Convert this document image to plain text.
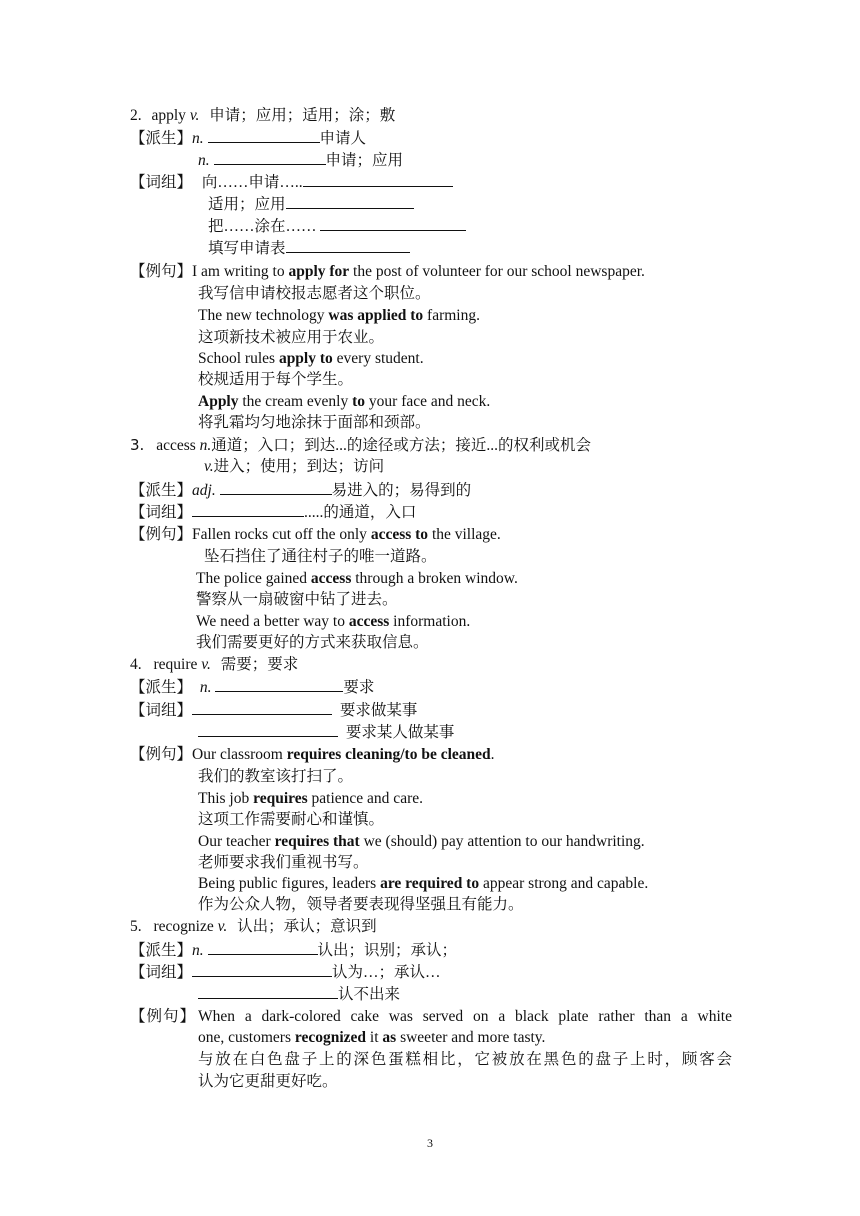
2. apply v. 申请；应用；适用；涂；敷
【派生】n.	申请人
n.	申请；应用
【词组】 向……申请…..
适用；应用
把……涂在……
填写申请表
【例句】I am writing to apply for the post of volunteer for our school newspaper.
我写信申请校报志愿者这个职位。
The new technology was applied to farming.
这项新技术被应用于农业。
School rules apply to every student.
校规适用于每个学生。
Apply the cream evenly to your face and neck.
将乳霜均匀地涂抹于面部和颈部。
3. access n.通道；入口；到达...的途径或方法；接近...的权利或机会
v.进入；使用；到达；访问
【派生】adj.	易进入的；易得到的
【词组】	.....的通道，入口
【例句】Fallen rocks cut off the only access to the village.
坠石挡住了通往村子的唯一道路。
The police gained access through a broken window.
警察从一扇破窗中钻了进去。
We need a better way to access information.
我们需要更好的方式来获取信息。
4. require v. 需要；要求
【派生】 n.	要求
【词组】	要求做某事
要求某人做某事
【例句】Our classroom requires cleaning/to be cleaned.
我们的教室该打扫了。
This job requires patience and care.
这项工作需要耐心和谨慎。
Our teacher requires that we (should) pay attention to our handwriting.
老师要求我们重视书写。
Being public figures, leaders are required to appear strong and capable.
作为公众人物，领导者要表现得坚强且有能力。
5. recognize v. 认出；承认；意识到
【派生】n.	认出；识别；承认；
【词组】	认为…；承认…
认不出来
【例句】 When a dark-colored cake was served on a black plate rather than a white
one, customers recognized it as sweeter and more tasty.
与放在白色盘子上的深色蛋糕相比，它被放在黑色的盘子上时，顾客会
认为它更甜更好吃。
3
